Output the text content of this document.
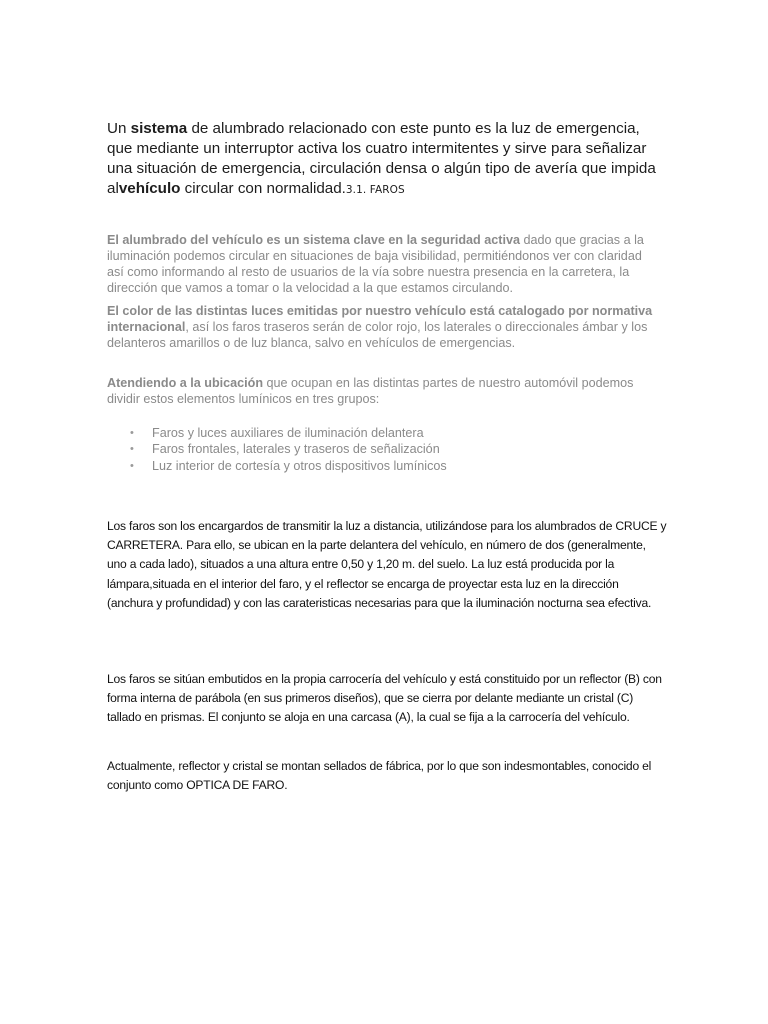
Un sistema de alumbrado relacionado con este punto es la luz de emergencia, que mediante un interruptor activa los cuatro intermitentes y sirve para señalizar una situación de emergencia, circulación densa o algún tipo de avería que impida alvehículo circular con normalidad.3.1. FAROS

El alumbrado del vehículo es un sistema clave en la seguridad activa dado que gracias a la iluminación podemos circular en situaciones de baja visibilidad, permitiéndonos ver con claridad así como informando al resto de usuarios de la vía sobre nuestra presencia en la carretera, la dirección que vamos a tomar o la velocidad a la que estamos circulando.

El color de las distintas luces emitidas por nuestro vehículo está catalogado por normativa internacional, así los faros traseros serán de color rojo, los laterales o direccionales ámbar y los delanteros amarillos o de luz blanca, salvo en vehículos de emergencias.

Atendiendo a la ubicación que ocupan en las distintas partes de nuestro automóvil podemos dividir estos elementos lumínicos en tres grupos:

• Faros y luces auxiliares de iluminación delantera
• Faros frontales, laterales y traseros de señalización
• Luz interior de cortesía y otros dispositivos lumínicos

Los faros son los encargardos de transmitir la luz a distancia, utilizándose para los alumbrados de CRUCE y CARRETERA. Para ello, se ubican en la parte delantera del vehículo, en número de dos (generalmente, uno a cada lado), situados a una altura entre 0,50 y 1,20 m. del suelo. La luz está producida por la lámpara,situada en el interior del faro, y el reflector se encarga de proyectar esta luz en la dirección (anchura y profundidad) y con las carateristicas necesarias para que la iluminación nocturna sea efectiva.

Los faros se sitúan embutidos en la propia carrocería del vehículo y está constituido por un reflector (B) con forma interna de parábola (en sus primeros diseños), que se cierra por delante mediante un cristal (C) tallado en prismas. El conjunto se aloja en una carcasa (A), la cual se fija a la carrocería del vehículo.

Actualmente, reflector y cristal se montan sellados de fábrica, por lo que son indesmontables, conocido el conjunto como OPTICA DE FARO.
